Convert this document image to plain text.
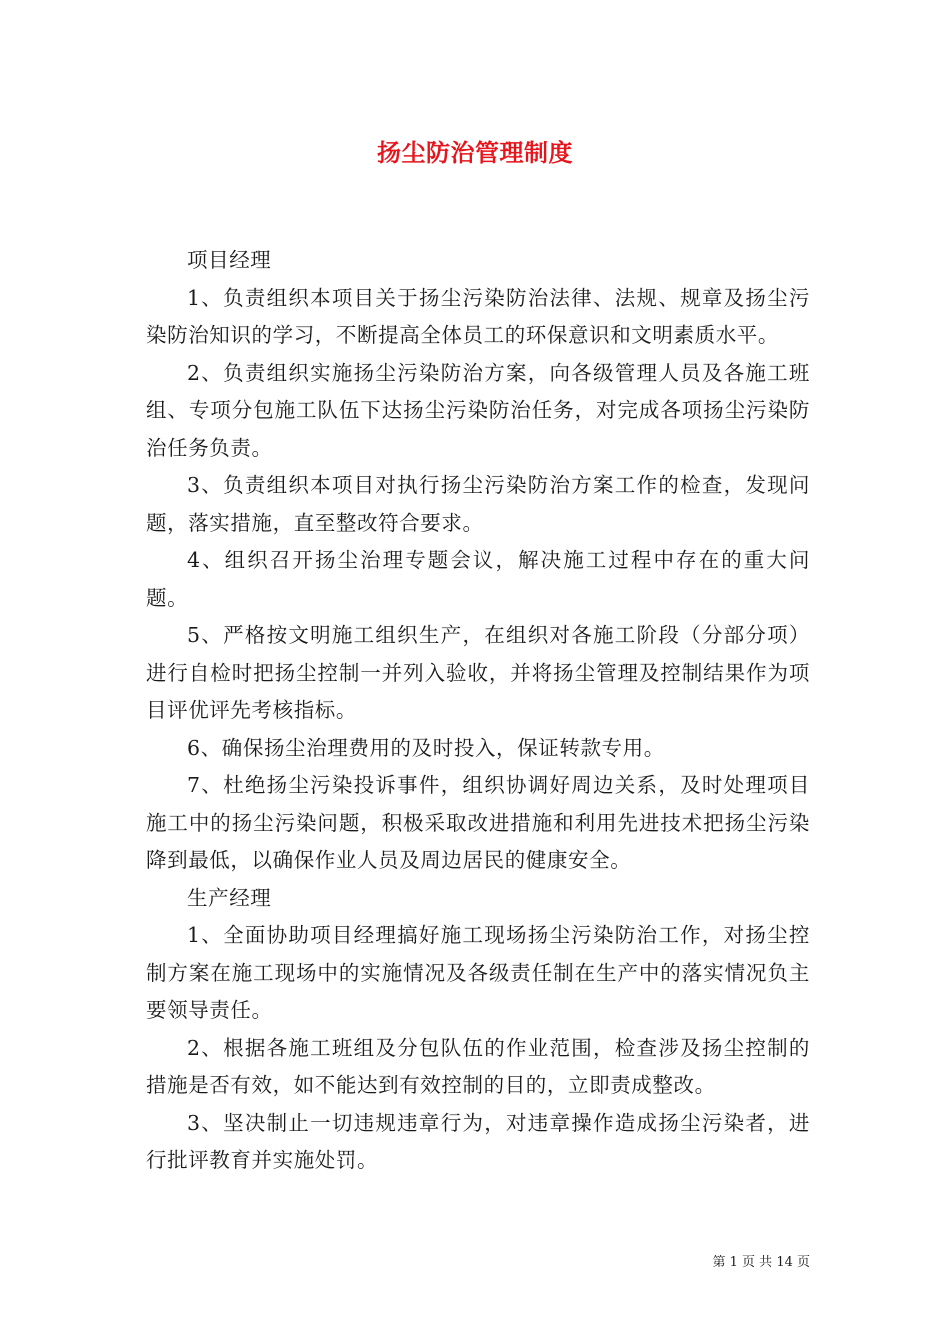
扬尘防治管理制度

项目经理

1、负责组织本项目关于扬尘污染防治法律、法规、规章及扬尘污染防治知识的学习，不断提高全体员工的环保意识和文明素质水平。

2、负责组织实施扬尘污染防治方案，向各级管理人员及各施工班组、专项分包施工队伍下达扬尘污染防治任务，对完成各项扬尘污染防治任务负责。

3、负责组织本项目对执行扬尘污染防治方案工作的检查，发现问题，落实措施，直至整改符合要求。

4、组织召开扬尘治理专题会议，解决施工过程中存在的重大问题。

5、严格按文明施工组织生产，在组织对各施工阶段（分部分项）进行自检时把扬尘控制一并列入验收，并将扬尘管理及控制结果作为项目评优评先考核指标。

6、确保扬尘治理费用的及时投入，保证转款专用。

7、杜绝扬尘污染投诉事件，组织协调好周边关系，及时处理项目施工中的扬尘污染问题，积极采取改进措施和利用先进技术把扬尘污染降到最低，以确保作业人员及周边居民的健康安全。

生产经理

1、全面协助项目经理搞好施工现场扬尘污染防治工作，对扬尘控制方案在施工现场中的实施情况及各级责任制在生产中的落实情况负主要领导责任。

2、根据各施工班组及分包队伍的作业范围，检查涉及扬尘控制的措施是否有效，如不能达到有效控制的目的，立即责成整改。

3、坚决制止一切违规违章行为，对违章操作造成扬尘污染者，进行批评教育并实施处罚。

第 1 页 共 14 页
